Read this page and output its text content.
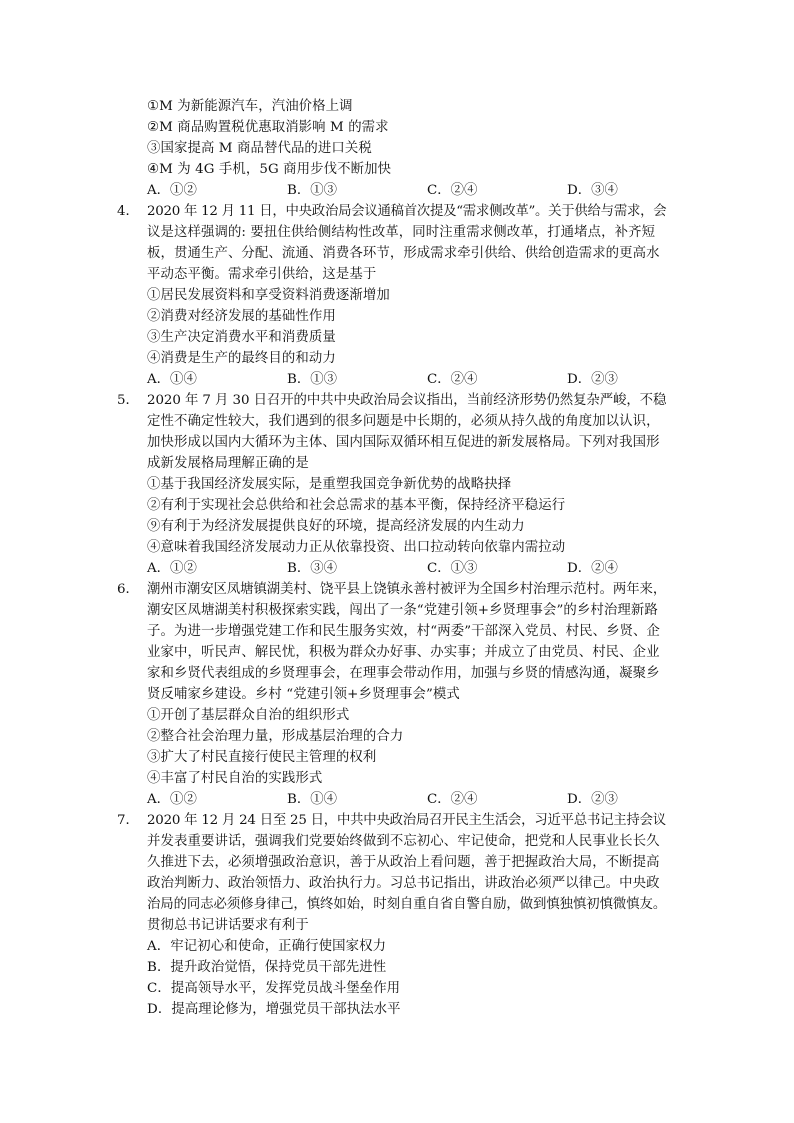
①M 为新能源汽车，汽油价格上调
②M 商品购置税优惠取消影响 M 的需求
③国家提高 M 商品替代品的进口关税
④M 为 4G 手机，5G 商用步伐不断加快
A．①②	B．①③	C．②④	D．③④
4． 2020 年 12 月 11 日，中央政治局会议通稿首次提及“需求侧改革”。关于供给与需求，会
议是这样强调的: 要扭住供给侧结构性改革，同时注重需求侧改革，打通堵点，补齐短
板，贯通生产、分配、流通、消费各环节，形成需求牵引供给、供给创造需求的更高水
平动态平衡。需求牵引供给，这是基于
①居民发展资料和享受资料消费逐渐增加
②消费对经济发展的基础性作用
③生产决定消费水平和消费质量
④消费是生产的最终目的和动力
A．①④	B．①③	C．②④	D．②③
5． 2020 年 7 月 30 日召开的中共中央政治局会议指出，当前经济形势仍然复杂严峻，不稳
定性不确定性较大，我们遇到的很多问题是中长期的，必须从持久战的角度加以认识，
加快形成以国内大循环为主体、国内国际双循环相互促进的新发展格局。下列对我国形
成新发展格局理解正确的是
①基于我国经济发展实际，是重塑我国竞争新优势的战略抉择
②有利于实现社会总供给和社会总需求的基本平衡，保持经济平稳运行
⑨有利于为经济发展提供良好的环境，提高经济发展的内生动力
④意味着我国经济发展动力正从依靠投资、出口拉动转向依靠内需拉动
A．①②	B．③④	C．①③	D．②④
6． 潮州市潮安区凤塘镇湖美村、饶平县上饶镇永善村被评为全国乡村治理示范村。两年来，
潮安区凤塘湖美村积极探索实践，闯出了一条“党建引领+乡贤理事会”的乡村治理新路
子。为进一步增强党建工作和民生服务实效，村“两委”干部深入党员、村民、乡贤、企
业家中，听民声、解民忧，积极为群众办好事、办实事；并成立了由党员、村民、企业
家和乡贤代表组成的乡贤理事会，在理事会带动作用，加强与乡贤的情感沟通，凝聚乡
贤反哺家乡建设。乡村 “党建引领+乡贤理事会”模式
①开创了基层群众自治的组织形式
②整合社会治理力量，形成基层治理的合力
③扩大了村民直接行使民主管理的权利
④丰富了村民自治的实践形式
A．①②	B．①④	C．②④	D．②③
7． 2020 年 12 月 24 日至 25 日，中共中央政治局召开民主生活会，习近平总书记主持会议
并发表重要讲话，强调我们党要始终做到不忘初心、牢记使命，把党和人民事业长长久
久推进下去，必须增强政治意识，善于从政治上看问题，善于把握政治大局，不断提高
政治判断力、政治领悟力、政治执行力。习总书记指出，讲政治必须严以律己。中央政
治局的同志必须修身律己，慎终如始，时刻自重自省自警自励，做到慎独慎初慎微慎友。
贯彻总书记讲话要求有利于
A．牢记初心和使命，正确行使国家权力
B．提升政治觉悟，保持党员干部先进性
C．提高领导水平，发挥党员战斗堡垒作用
D．提高理论修为，增强党员干部执法水平
